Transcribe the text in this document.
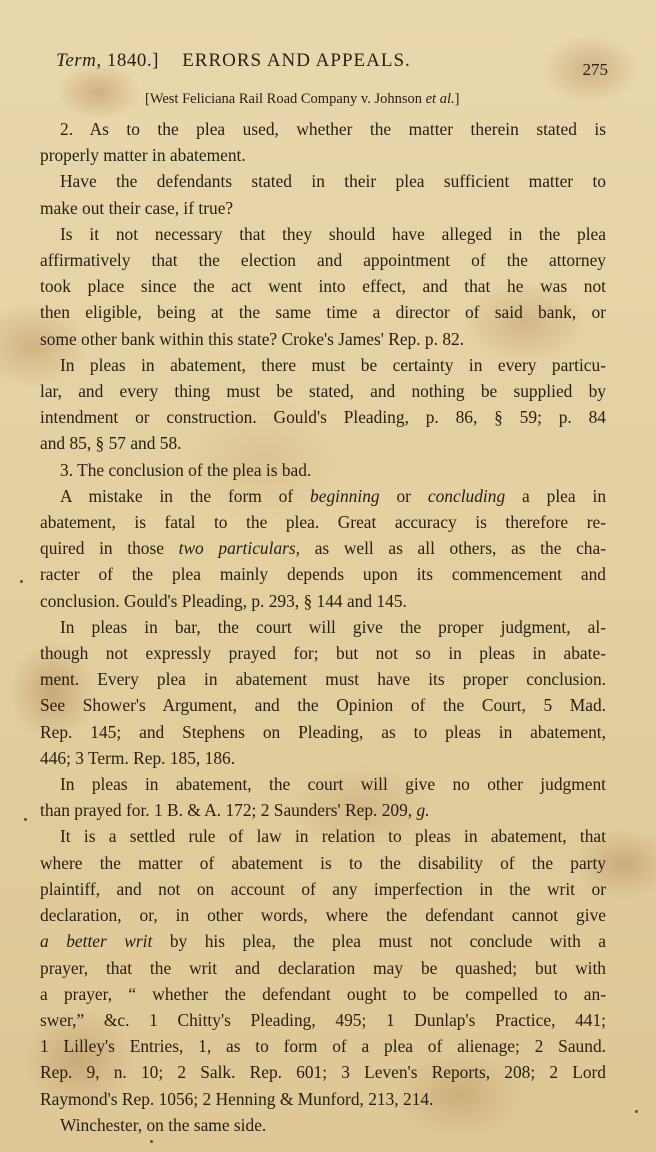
Term, 1840.] ERRORS AND APPEALS.	275
[West Feliciana Rail Road Company v. Johnson et al.]
2. As to the plea used, whether the matter therein stated is
properly matter in abatement.
Have the defendants stated in their plea sufficient matter to
make out their case, if true?
Is it not necessary that they should have alleged in the plea
affirmatively that the election and appointment of the attorney
took place since the act went into effect, and that he was not
then eligible, being at the same time a director of said bank, or
some other bank within this state? Croke's James' Rep. p. 82.
In pleas in abatement, there must be certainty in every particu-
lar, and every thing must be stated, and nothing be supplied by
intendment or construction. Gould's Pleading, p. 86, § 59; p. 84
and 85, § 57 and 58.
3. The conclusion of the plea is bad.
A mistake in the form of beginning or concluding a plea in
abatement, is fatal to the plea. Great accuracy is therefore re-
quired in those two particulars, as well as all others, as the cha-
racter of the plea mainly depends upon its commencement and
conclusion. Gould's Pleading, p. 293, § 144 and 145.
In pleas in bar, the court will give the proper judgment, al-
though not expressly prayed for; but not so in pleas in abate-
ment. Every plea in abatement must have its proper conclusion.
See Shower's Argument, and the Opinion of the Court, 5 Mad.
Rep. 145; and Stephens on Pleading, as to pleas in abatement,
446; 3 Term. Rep. 185, 186.
In pleas in abatement, the court will give no other judgment
than prayed for. 1 B. & A. 172; 2 Saunders' Rep. 209, g.
It is a settled rule of law in relation to pleas in abatement, that
where the matter of abatement is to the disability of the party
plaintiff, and not on account of any imperfection in the writ or
declaration, or, in other words, where the defendant cannot give
a better writ by his plea, the plea must not conclude with a
prayer, that the writ and declaration may be quashed; but with
a prayer, “ whether the defendant ought to be compelled to an-
swer,” &c. 1 Chitty's Pleading, 495; 1 Dunlap's Practice, 441;
1 Lilley's Entries, 1, as to form of a plea of alienage; 2 Saund.
Rep. 9, n. 10; 2 Salk. Rep. 601; 3 Leven's Reports, 208; 2 Lord
Raymond's Rep. 1056; 2 Henning & Munford, 213, 214.
Winchester, on the same side.
